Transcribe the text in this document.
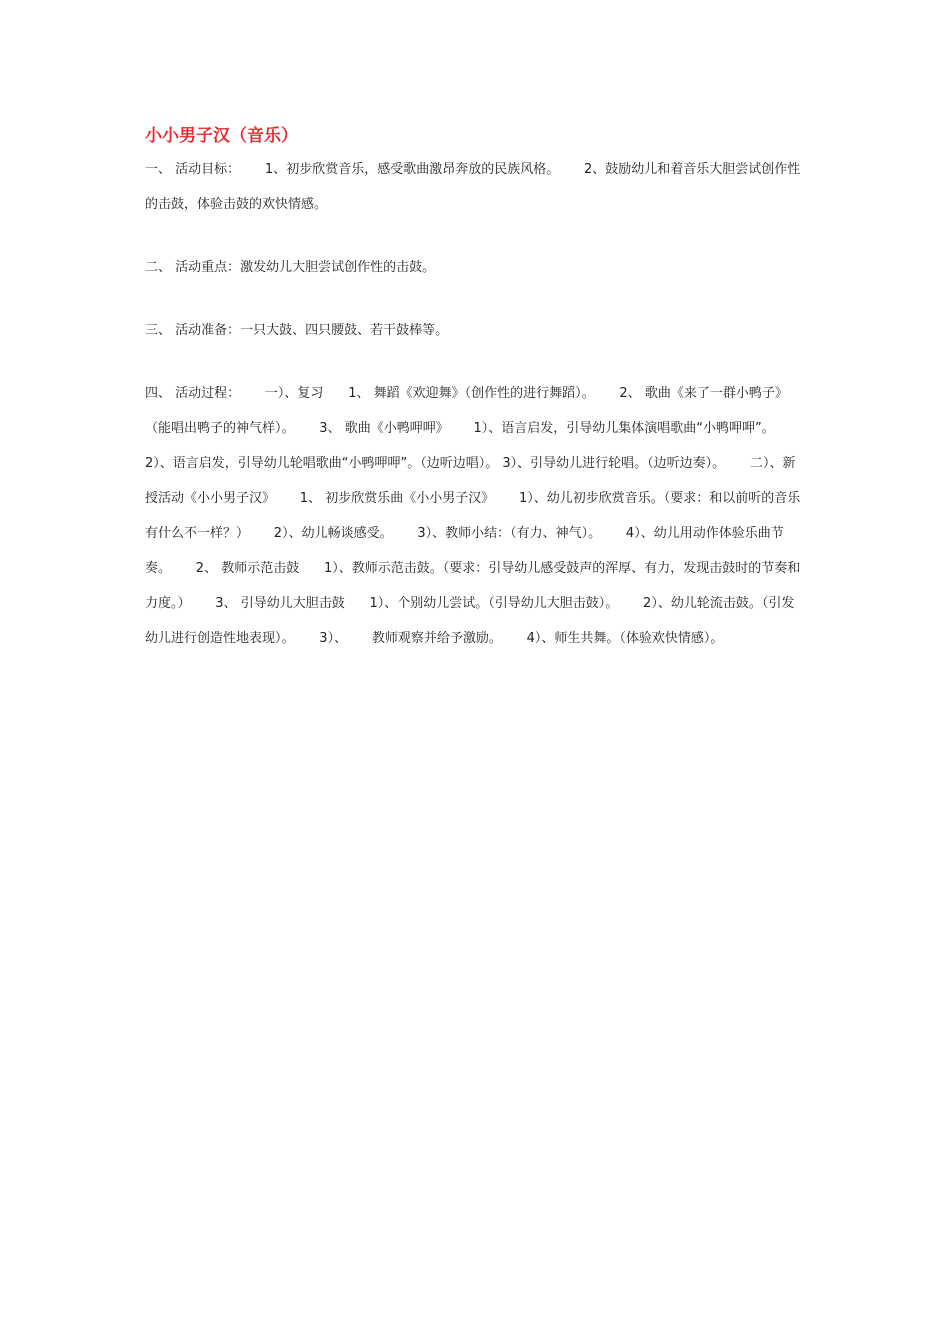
小小男子汉（音乐）

一、 活动目标：      1、初步欣赏音乐，感受歌曲激昂奔放的民族风格。      2、鼓励幼儿和着音乐大胆尝试创作性的击鼓，体验击鼓的欢快情感。

二、 活动重点：激发幼儿大胆尝试创作性的击鼓。

三、 活动准备：一只大鼓、四只腰鼓、若干鼓棒等。

四、 活动过程：      一）、复习      1、 舞蹈《欢迎舞》（创作性的进行舞蹈）。      2、 歌曲《来了一群小鸭子》（能唱出鸭子的神气样）。      3、 歌曲《小鸭呷呷》      1）、语言启发，引导幼儿集体演唱歌曲“小鸭呷呷”。      2）、语言启发，引导幼儿轮唱歌曲“小鸭呷呷”。（边听边唱）。 3）、引导幼儿进行轮唱。（边听边奏）。      二）、新授活动《小小男子汉》      1、 初步欣赏乐曲《小小男子汉》      1）、幼儿初步欣赏音乐。（要求：和以前听的音乐有什么不一样？）      2）、幼儿畅谈感受。      3）、教师小结：（有力、神气）。      4）、幼儿用动作体验乐曲节奏。      2、 教师示范击鼓      1）、教师示范击鼓。（要求：引导幼儿感受鼓声的浑厚、有力，发现击鼓时的节奏和力度。）      3、 引导幼儿大胆击鼓      1）、个别幼儿尝试。（引导幼儿大胆击鼓）。      2）、幼儿轮流击鼓。（引发幼儿进行创造性地表现）。      3）、      教师观察并给予激励。      4）、师生共舞。（体验欢快情感）。
